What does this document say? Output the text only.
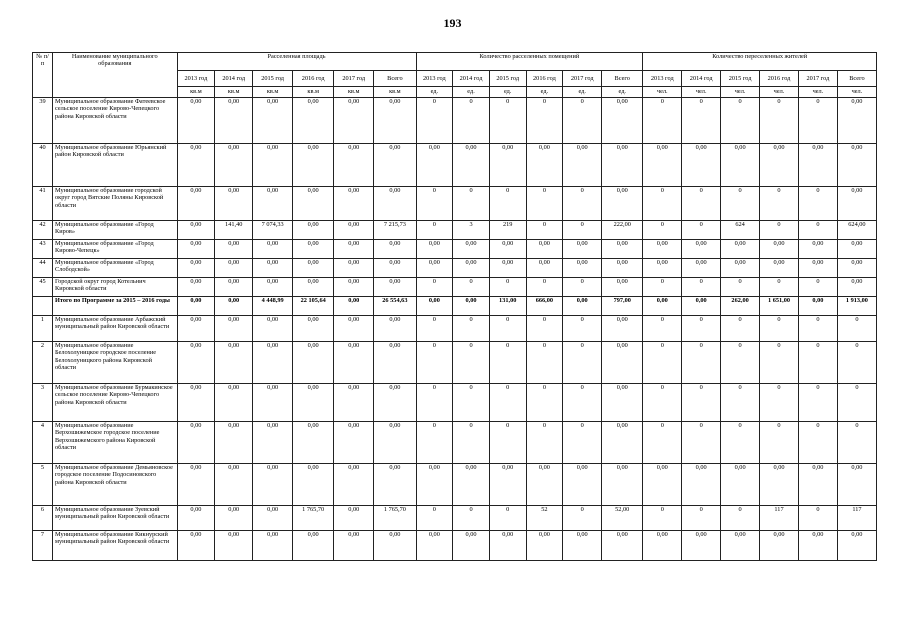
193
№ п/п	Наименование муниципального образования	Расселенная площадь						Количество расселенных помещений						Количество переселенных жителей					
		2013 год	2014 год	2015 год	2016 год	2017 год	Всего	2013 год	2014 год	2015 год	2016 год	2017 год	Всего	2013 год	2014 год	2015 год	2016 год	2017 год	Всего
		кв.м	кв.м	кв.м	кв.м	кв.м	кв.м	ед.	ед.	ед.	ед.	ед.	ед.	чел.	чел.	чел.	чел.	чел.	чел.
39	Муниципальное образование Фатеевское сельское поселение Кирово-Чепецкого района Кировской области	0,00	0,00	0,00	0,00	0,00	0,00	0	0	0	0	0	0,00	0	0	0	0	0	0,00
40	Муниципальное образование Юрьянский район Кировской области	0,00	0,00	0,00	0,00	0,00	0,00	0,00	0,00	0,00	0,00	0,00	0,00	0,00	0,00	0,00	0,00	0,00	0,00
41	Муниципальное образование городской округ город Вятские Поляны Кировской области	0,00	0,00	0,00	0,00	0,00	0,00	0	0	0	0	0	0,00	0	0	0	0	0	0,00
42	Муниципальное образование «Город Киров»	0,00	141,40	7 074,33	0,00	0,00	7 215,73	0	3	219	0	0	222,00	0	0	624	0	0	624,00
43	Муниципальное образование «Город Кирово-Чепецк»	0,00	0,00	0,00	0,00	0,00	0,00	0,00	0,00	0,00	0,00	0,00	0,00	0,00	0,00	0,00	0,00	0,00	0,00
44	Муниципальное образование «Город Слободской»	0,00	0,00	0,00	0,00	0,00	0,00	0,00	0,00	0,00	0,00	0,00	0,00	0,00	0,00	0,00	0,00	0,00	0,00
45	Городской округ город Котельнич Кировской области	0,00	0,00	0,00	0,00	0,00	0,00	0	0	0	0	0	0,00	0	0	0	0	0	0,00
	Итого по Программе за 2015 – 2016 годы	0,00	0,00	4 448,99	22 105,64	0,00	26 554,63	0,00	0,00	131,00	666,00	0,00	797,00	0,00	0,00	262,00	1 651,00	0,00	1 913,00
1	Муниципальное образование Арбажский муниципальный район Кировской области	0,00	0,00	0,00	0,00	0,00	0,00	0	0	0	0	0	0,00	0	0	0	0	0	0
2	Муниципальное образование Белохолуницкое городское поселение Белохолуницкого района Кировской области	0,00	0,00	0,00	0,00	0,00	0,00	0	0	0	0	0	0,00	0	0	0	0	0	0
3	Муниципальное образование Бурмакинское сельское поселение Кирово-Чепецкого района Кировской области	0,00	0,00	0,00	0,00	0,00	0,00	0	0	0	0	0	0,00	0	0	0	0	0	0
4	Муниципальное образование Верхошижемское городское поселение Верхошижемского района Кировской области	0,00	0,00	0,00	0,00	0,00	0,00	0	0	0	0	0	0,00	0	0	0	0	0	0
5	Муниципальное образование Демьяновское городское поселение Подосиновского района Кировской области	0,00	0,00	0,00	0,00	0,00	0,00	0,00	0,00	0,00	0,00	0,00	0,00	0,00	0,00	0,00	0,00	0,00	0,00
6	Муниципальное образование Зуевский муниципальный район Кировской области	0,00	0,00	0,00	1 765,70	0,00	1 765,70	0	0	0	52	0	52,00	0	0	0	117	0	117
7	Муниципальное образование Кикнурский муниципальный район Кировской области	0,00	0,00	0,00	0,00	0,00	0,00	0,00	0,00	0,00	0,00	0,00	0,00	0,00	0,00	0,00	0,00	0,00	0,00
